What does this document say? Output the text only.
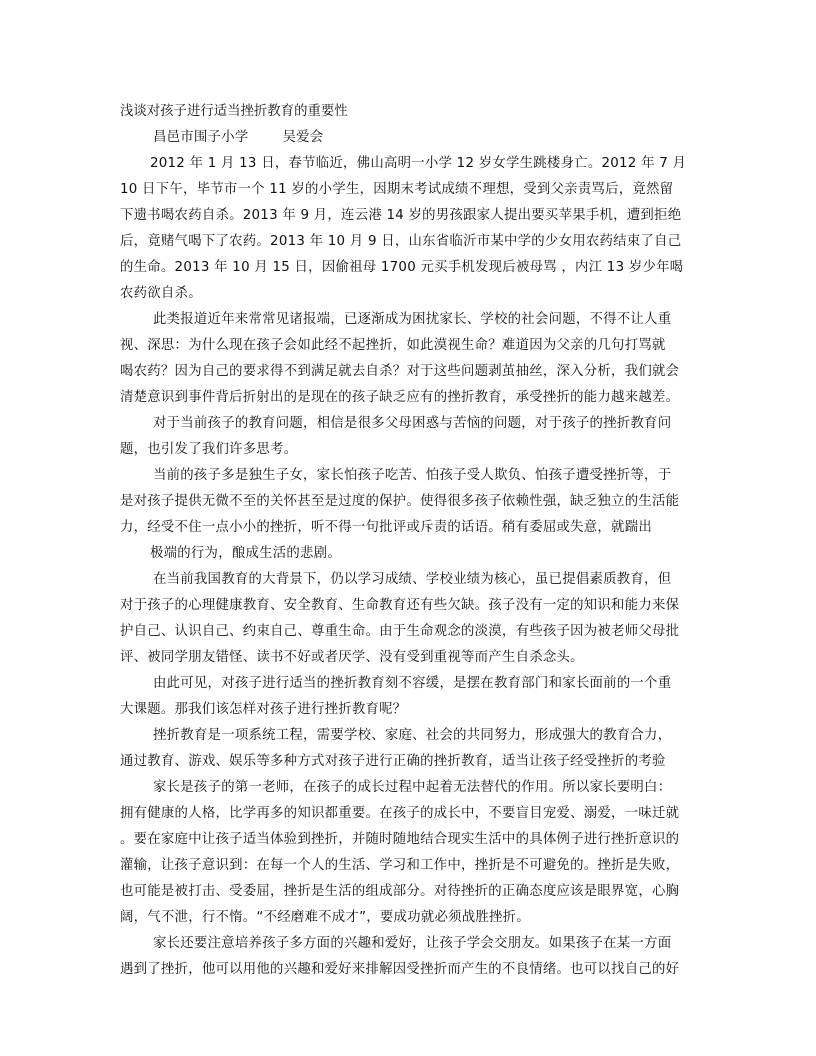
浅谈对孩子进行适当挫折教育的重要性
昌邑市围子小学	吴爱会
2012 年 1 月 13 日，春节临近，佛山高明一小学 12 岁女学生跳楼身亡。2012 年 7 月
10 日下午，毕节市一个 11 岁的小学生，因期末考试成绩不理想，受到父亲责骂后，竟然留
下遗书喝农药自杀。2013 年 9 月，连云港 14 岁的男孩跟家人提出要买苹果手机，遭到拒绝
后，竟赌气喝下了农药。2013 年 10 月 9 日，山东省临沂市某中学的少女用农药结束了自己
的生命。2013 年 10 月 15 日，因偷祖母 1700 元买手机发现后被母骂 ，内江 13 岁少年喝
农药欲自杀。
此类报道近年来常常见诸报端，已逐渐成为困扰家长、学校的社会问题，不得不让人重
视、深思：为什么现在孩子会如此经不起挫折，如此漠视生命？难道因为父亲的几句打骂就
喝农药？因为自己的要求得不到满足就去自杀？对于这些问题剥茧抽丝，深入分析，我们就会
清楚意识到事件背后折射出的是现在的孩子缺乏应有的挫折教育，承受挫折的能力越来越差。
对于当前孩子的教育问题，相信是很多父母困惑与苦恼的问题，对于孩子的挫折教育问
题，也引发了我们许多思考。
当前的孩子多是独生子女，家长怕孩子吃苦、怕孩子受人欺负、怕孩子遭受挫折等，于
是对孩子提供无微不至的关怀甚至是过度的保护。使得很多孩子依赖性强，缺乏独立的生活能
力，经受不住一点小小的挫折，听不得一句批评或斥责的话语。稍有委屈或失意，就踹出
极端的行为，酿成生活的悲剧。
在当前我国教育的大背景下，仍以学习成绩、学校业绩为核心，虽已提倡素质教育，但
对于孩子的心理健康教育、安全教育、生命教育还有些欠缺。孩子没有一定的知识和能力来保
护自己、认识自己、约束自己、尊重生命。由于生命观念的淡漠，有些孩子因为被老师父母批
评、被同学朋友错怪、读书不好或者厌学、没有受到重视等而产生自杀念头。
由此可见，对孩子进行适当的挫折教育刻不容缓，是摆在教育部门和家长面前的一个重
大课题。那我们该怎样对孩子进行挫折教育呢？
挫折教育是一项系统工程，需要学校、家庭、社会的共同努力，形成强大的教育合力，
通过教育、游戏、娱乐等多种方式对孩子进行正确的挫折教育，适当让孩子经受挫折的考验
家长是孩子的第一老师，在孩子的成长过程中起着无法替代的作用。所以家长要明白：
拥有健康的人格，比学再多的知识都重要。在孩子的成长中，不要盲目宠爱、溺爱，一味迁就
。要在家庭中让孩子适当体验到挫折，并随时随地结合现实生活中的具体例子进行挫折意识的
灌输，让孩子意识到：在每一个人的生活、学习和工作中，挫折是不可避免的。挫折是失败，
也可能是被打击、受委屈，挫折是生活的组成部分。对待挫折的正确态度应该是眼界宽，心胸
阔，气不泄，行不惰。“不经磨难不成才”，要成功就必须战胜挫折。
家长还要注意培养孩子多方面的兴趣和爱好，让孩子学会交朋友。如果孩子在某一方面
遇到了挫折，他可以用他的兴趣和爱好来排解因受挫折而产生的不良情绪。也可以找自己的好
